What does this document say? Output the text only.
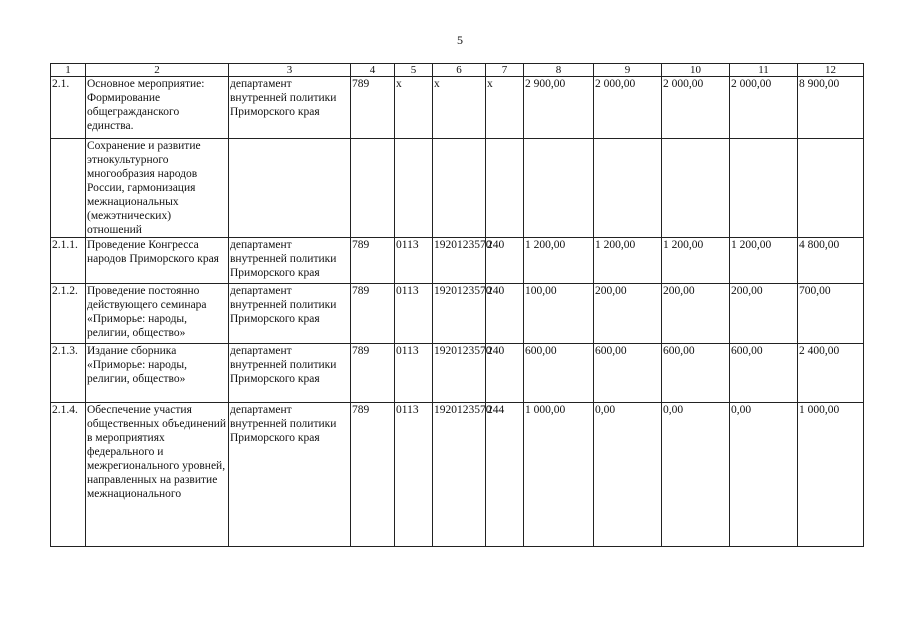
5
1	2	3	4	5	6	7	8	9	10	11	12
2.1.	Основное мероприятие: Формирование общегражданского единства.	департамент внутренней политики Приморского края	789	х	х	х	2 900,00	2 000,00	2 000,00	2 000,00	8 900,00
	Сохранение и развитие этнокультурного многообразия народов России, гармонизация межнациональных (межэтнических) отношений										
2.1.1.	Проведение Конгресса народов Приморского края	департамент внутренней политики Приморского края	789	0113	1920123570	240	1 200,00	1 200,00	1 200,00	1 200,00	4 800,00
2.1.2.	Проведение постоянно действующего семинара «Приморье: народы, религии, общество»	департамент внутренней политики Приморского края	789	0113	1920123570	240	100,00	200,00	200,00	200,00	700,00
2.1.3.	Издание сборника «Приморье: народы, религии, общество»	департамент внутренней политики Приморского края	789	0113	1920123570	240	600,00	600,00	600,00	600,00	2 400,00
2.1.4.	Обеспечение участия общественных объединений в мероприятиях федерального и межрегионального уровней, направленных на развитие межнационального	департамент внутренней политики Приморского края	789	0113	1920123570	244	1 000,00	0,00	0,00	0,00	1 000,00
